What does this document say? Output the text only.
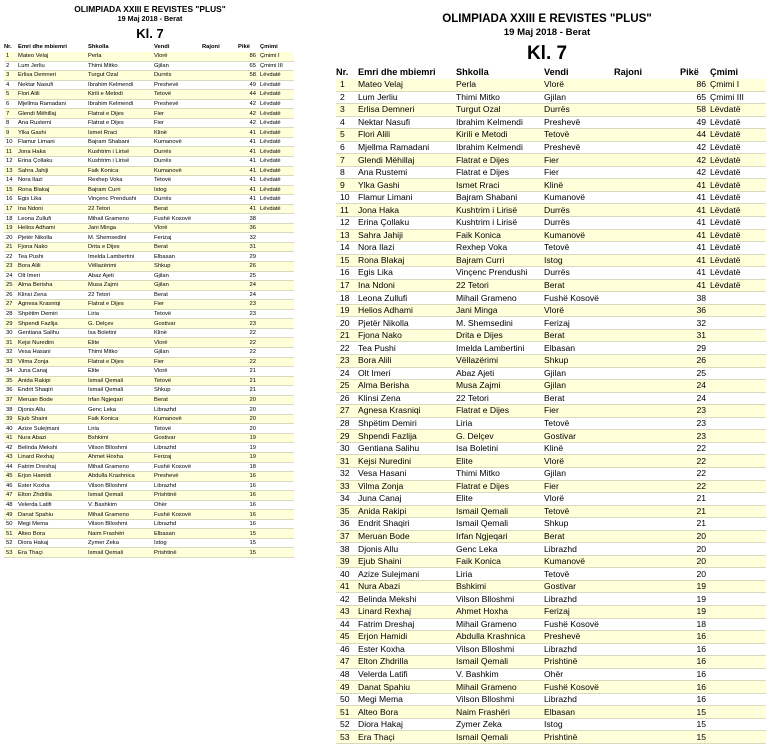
OLIMPIADA XXIII E REVISTES "PLUS"
19 Maj 2018 - Berat
Kl. 7
Nr.	Emri dhe mbiemri	Shkolla	Vendi	Rajoni	Pikë	Çmimi
1	Mateo Velaj	Perla	Vlorë		86	Çmimi I
2	Lum Jerliu	Thimi Mitko	Gjilan		65	Çmimi III
3	Erlisa Demneri	Turgut Ozal	Durrës		58	Lëvdatë
4	Nektar Nasufi	Ibrahim Kelmendi	Preshevë		49	Lëvdatë
5	Flori Alili	Kirili e Metodi	Tetovë		44	Lëvdatë
6	Mjellma Ramadani	Ibrahim Kelmendi	Preshevë		42	Lëvdatë
7	Glendi Mëhillaj	Flatrat e Dijes	Fier		42	Lëvdatë
8	Ana Rustemi	Flatrat e Dijes	Fier		42	Lëvdatë
9	Ylka Gashi	Ismet Rraci	Klinë		41	Lëvdatë
10	Flamur Limani	Bajram Shabani	Kumanovë		41	Lëvdatë
11	Jona Haka	Kushtrim i Lirisë	Durrës		41	Lëvdatë
12	Erina Çollaku	Kushtrim i Lirisë	Durrës		41	Lëvdatë
13	Sahra Jahiji	Faik Konica	Kumanovë		41	Lëvdatë
14	Nora Ilazi	Rexhep Voka	Tetovë		41	Lëvdatë
15	Rona Blakaj	Bajram Curri	Istog		41	Lëvdatë
16	Egis Lika	Vinçenc Prendushi	Durrës		41	Lëvdatë
17	Ina Ndoni	22 Tetori	Berat		41	Lëvdatë
18	Leona Zullufi	Mihail Grameno	Fushë Kosovë		38	
19	Helios Adhami	Jani Minga	Vlorë		36	
20	Pjetër Nikolla	M. Shemsedini	Ferizaj		32	
21	Fjona Nako	Drita e Dijes	Berat		31	
22	Tea Pushi	Imelda Lambertini	Elbasan		29	
23	Bora Alili	Vëllazërimi	Shkup		26	
24	Olt Imeri	Abaz Ajeti	Gjilan		25	
25	Alma Berisha	Musa Zajmi	Gjilan		24	
26	Klinsi Zena	22 Tetori	Berat		24	
27	Agnesa Krasniqi	Flatrat e Dijes	Fier		23	
28	Shpëtim Demiri	Liria	Tetovë		23	
29	Shpendi Fazlija	G. Delçev	Gostivar		23	
30	Gentiana Salihu	Isa Boletini	Klinë		22	
31	Kejsi Nuredini	Elite	Vlorë		22	
32	Vesa Hasani	Thimi Mitko	Gjilan		22	
33	Vilma Zonja	Flatrat e Dijes	Fier		22	
34	Juna Canaj	Elite	Vlorë		21	
35	Anida Rakipi	Ismail Qemali	Tetovë		21	
36	Endrit Shaqiri	Ismail Qemali	Shkup		21	
37	Meruan Bode	Irfan Ngjeqari	Berat		20	
38	Djonis Allu	Genc Leka	Librazhd		20	
39	Ejub Shaini	Faik Konica	Kumanovë		20	
40	Azize Sulejmani	Liria	Tetovë		20	
41	Nura Abazi	Bshkimi	Gostivar		19	
42	Belinda Mekshi	Vilson Blloshmi	Librazhd		19	
43	Linard Rexhaj	Ahmet Hoxha	Ferizaj		19	
44	Fatrim Dreshaj	Mihail Grameno	Fushë Kosovë		18	
45	Erjon Hamidi	Abdulla Krashnica	Preshevë		16	
46	Ester Koxha	Vilson Blloshmi	Librazhd		16	
47	Elton Zhdrilla	Ismail Qemali	Prishtinë		16	
48	Velerda Latifi	V. Bashkim	Ohër		16	
49	Danat Spahiu	Mihail Grameno	Fushë Kosovë		16	
50	Megi Mema	Vilson Blloshmi	Librazhd		16	
51	Alteo Bora	Naim Frashëri	Elbasan		15	
52	Diora Hakaj	Zymer Zeka	Istog		15	
53	Era Thaçi	Ismail Qemali	Prishtinë		15	
OLIMPIADA XXIII E REVISTES "PLUS"
19 Maj 2018 - Berat
Kl. 7
Nr.	Emri dhe mbiemri	Shkolla	Vendi	Rajoni	Pikë	Çmimi
1	Mateo Velaj	Perla	Vlorë		86	Çmimi I
2	Lum Jerliu	Thimi Mitko	Gjilan		65	Çmimi III
3	Erlisa Demneri	Turgut Ozal	Durrës		58	Lëvdatë
4	Nektar Nasufi	Ibrahim Kelmendi	Preshevë		49	Lëvdatë
5	Flori Alili	Kirili e Metodi	Tetovë		44	Lëvdatë
6	Mjellma Ramadani	Ibrahim Kelmendi	Preshevë		42	Lëvdatë
7	Glendi Mëhillaj	Flatrat e Dijes	Fier		42	Lëvdatë
8	Ana Rustemi	Flatrat e Dijes	Fier		42	Lëvdatë
9	Ylka Gashi	Ismet Rraci	Klinë		41	Lëvdatë
10	Flamur Limani	Bajram Shabani	Kumanovë		41	Lëvdatë
11	Jona Haka	Kushtrim i Lirisë	Durrës		41	Lëvdatë
12	Erina Çollaku	Kushtrim i Lirisë	Durrës		41	Lëvdatë
13	Sahra Jahiji	Faik Konica	Kumanovë		41	Lëvdatë
14	Nora Ilazi	Rexhep Voka	Tetovë		41	Lëvdatë
15	Rona Blakaj	Bajram Curri	Istog		41	Lëvdatë
16	Egis Lika	Vinçenc Prendushi	Durrës		41	Lëvdatë
17	Ina Ndoni	22 Tetori	Berat		41	Lëvdatë
18	Leona Zullufi	Mihail Grameno	Fushë Kosovë		38	
19	Helios Adhami	Jani Minga	Vlorë		36	
20	Pjetër Nikolla	M. Shemsedini	Ferizaj		32	
21	Fjona Nako	Drita e Dijes	Berat		31	
22	Tea Pushi	Imelda Lambertini	Elbasan		29	
23	Bora Alili	Vëllazërimi	Shkup		26	
24	Olt Imeri	Abaz Ajeti	Gjilan		25	
25	Alma Berisha	Musa Zajmi	Gjilan		24	
26	Klinsi Zena	22 Tetori	Berat		24	
27	Agnesa Krasniqi	Flatrat e Dijes	Fier		23	
28	Shpëtim Demiri	Liria	Tetovë		23	
29	Shpendi Fazlija	G. Delçev	Gostivar		23	
30	Gentiana Salihu	Isa Boletini	Klinë		22	
31	Kejsi Nuredini	Elite	Vlorë		22	
32	Vesa Hasani	Thimi Mitko	Gjilan		22	
33	Vilma Zonja	Flatrat e Dijes	Fier		22	
34	Juna Canaj	Elite	Vlorë		21	
35	Anida Rakipi	Ismail Qemali	Tetovë		21	
36	Endrit Shaqiri	Ismail Qemali	Shkup		21	
37	Meruan Bode	Irfan Ngjeqari	Berat		20	
38	Djonis Allu	Genc Leka	Librazhd		20	
39	Ejub Shaini	Faik Konica	Kumanovë		20	
40	Azize Sulejmani	Liria	Tetovë		20	
41	Nura Abazi	Bshkimi	Gostivar		19	
42	Belinda Mekshi	Vilson Blloshmi	Librazhd		19	
43	Linard Rexhaj	Ahmet Hoxha	Ferizaj		19	
44	Fatrim Dreshaj	Mihail Grameno	Fushë Kosovë		18	
45	Erjon Hamidi	Abdulla Krashnica	Preshevë		16	
46	Ester Koxha	Vilson Blloshmi	Librazhd		16	
47	Elton Zhdrilla	Ismail Qemali	Prishtinë		16	
48	Velerda Latifi	V. Bashkim	Ohër		16	
49	Danat Spahiu	Mihail Grameno	Fushë Kosovë		16	
50	Megi Mema	Vilson Blloshmi	Librazhd		16	
51	Alteo Bora	Naim Frashëri	Elbasan		15	
52	Diora Hakaj	Zymer Zeka	Istog		15	
53	Era Thaçi	Ismail Qemali	Prishtinë		15	
